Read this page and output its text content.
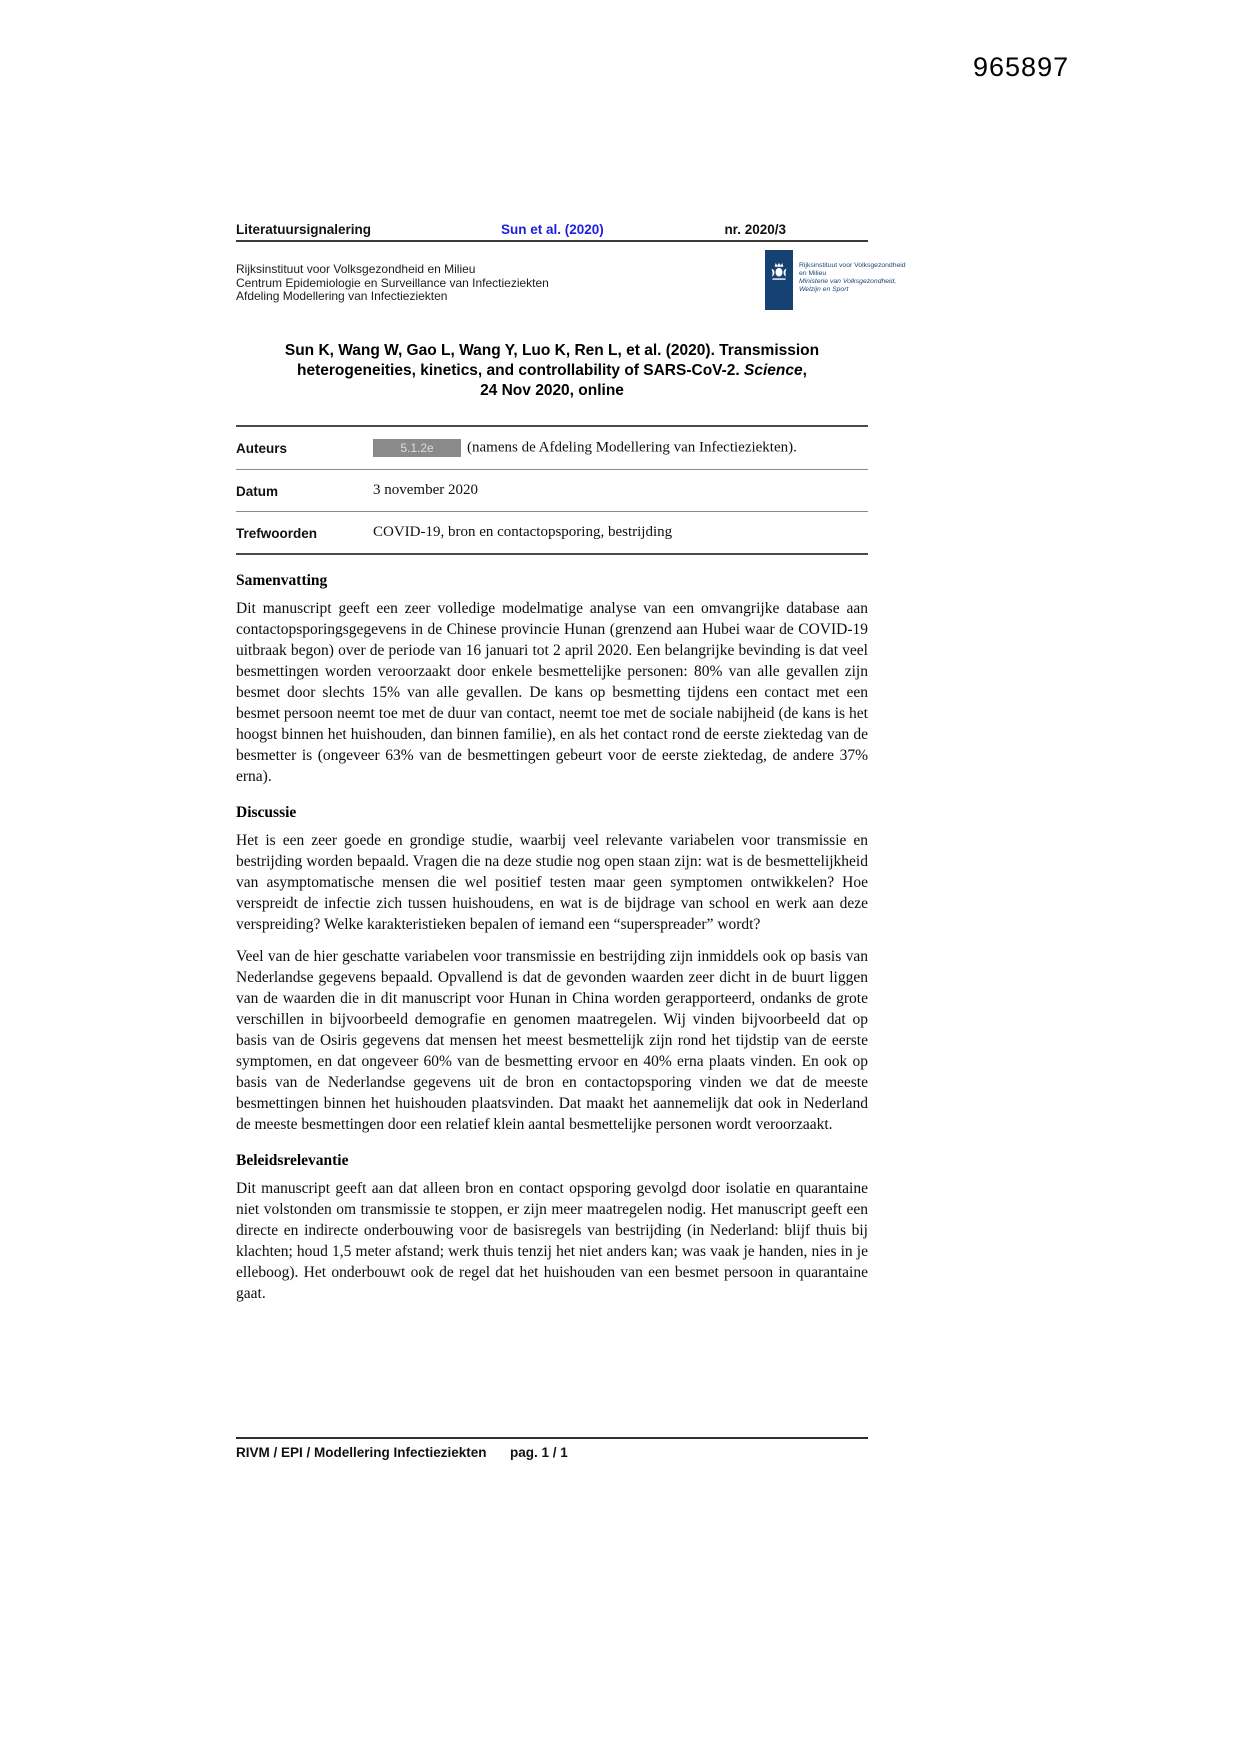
965897
Rijksinstituut voor Volksgezondheid
en Milieu
Ministerie van Volksgezondheid,
Welzijn en Sport
Literatuursignalering	Sun et al. (2020)	nr. 2020/3
Rijksinstituut voor Volksgezondheid en Milieu
Centrum Epidemiologie en Surveillance van Infectieziekten
Afdeling Modellering van Infectieziekten
Sun K, Wang W, Gao L, Wang Y, Luo K, Ren L, et al. (2020). Transmission
heterogeneities, kinetics, and controllability of SARS-CoV-2. Science,
24 Nov 2020, online
Auteurs	5.1.2e (namens de Afdeling Modellering van Infectieziekten).
Datum	3 november 2020
Trefwoorden	COVID-19, bron en contactopsporing, bestrijding
Samenvatting

Dit manuscript geeft een zeer volledige modelmatige analyse van een omvangrijke database aan contactopsporingsgegevens in de Chinese provincie Hunan (grenzend aan Hubei waar de COVID-19 uitbraak begon) over de periode van 16 januari tot 2 april 2020. Een belangrijke bevinding is dat veel besmettingen worden veroorzaakt door enkele besmettelijke personen: 80% van alle gevallen zijn besmet door slechts 15% van alle gevallen. De kans op besmetting tijdens een contact met een besmet persoon neemt toe met de duur van contact, neemt toe met de sociale nabijheid (de kans is het hoogst binnen het huishouden, dan binnen familie), en als het contact rond de eerste ziektedag van de besmetter is (ongeveer 63% van de besmettingen gebeurt voor de eerste ziektedag, de andere 37% erna).

Discussie

Het is een zeer goede en grondige studie, waarbij veel relevante variabelen voor transmissie en bestrijding worden bepaald. Vragen die na deze studie nog open staan zijn: wat is de besmettelijkheid van asymptomatische mensen die wel positief testen maar geen symptomen ontwikkelen? Hoe verspreidt de infectie zich tussen huishoudens, en wat is de bijdrage van school en werk aan deze verspreiding? Welke karakteristieken bepalen of iemand een “superspreader” wordt?

Veel van de hier geschatte variabelen voor transmissie en bestrijding zijn inmiddels ook op basis van Nederlandse gegevens bepaald. Opvallend is dat de gevonden waarden zeer dicht in de buurt liggen van de waarden die in dit manuscript voor Hunan in China worden gerapporteerd, ondanks de grote verschillen in bijvoorbeeld demografie en genomen maatregelen. Wij vinden bijvoorbeeld dat op basis van de Osiris gegevens dat mensen het meest besmettelijk zijn rond het tijdstip van de eerste symptomen, en dat ongeveer 60% van de besmetting ervoor en 40% erna plaats vinden. En ook op basis van de Nederlandse gegevens uit de bron en contactopsporing vinden we dat de meeste besmettingen binnen het huishouden plaatsvinden. Dat maakt het aannemelijk dat ook in Nederland de meeste besmettingen door een relatief klein aantal besmettelijke personen wordt veroorzaakt.

Beleidsrelevantie

Dit manuscript geeft aan dat alleen bron en contact opsporing gevolgd door isolatie en quarantaine niet volstonden om transmissie te stoppen, er zijn meer maatregelen nodig. Het manuscript geeft een directe en indirecte onderbouwing voor de basisregels van bestrijding (in Nederland: blijf thuis bij klachten; houd 1,5 meter afstand; werk thuis tenzij het niet anders kan; was vaak je handen, nies in je elleboog). Het onderbouwt ook de regel dat het huishouden van een besmet persoon in quarantaine gaat.

RIVM / EPI / Modellering Infectieziekten	pag. 1 / 1
